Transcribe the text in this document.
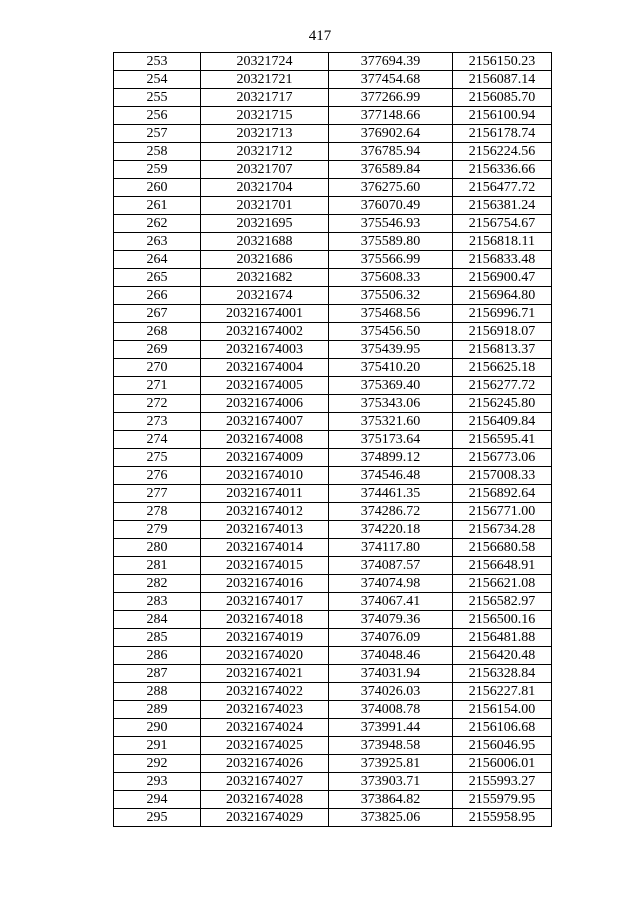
417
253	20321724	377694.39	2156150.23
254	20321721	377454.68	2156087.14
255	20321717	377266.99	2156085.70
256	20321715	377148.66	2156100.94
257	20321713	376902.64	2156178.74
258	20321712	376785.94	2156224.56
259	20321707	376589.84	2156336.66
260	20321704	376275.60	2156477.72
261	20321701	376070.49	2156381.24
262	20321695	375546.93	2156754.67
263	20321688	375589.80	2156818.11
264	20321686	375566.99	2156833.48
265	20321682	375608.33	2156900.47
266	20321674	375506.32	2156964.80
267	20321674001	375468.56	2156996.71
268	20321674002	375456.50	2156918.07
269	20321674003	375439.95	2156813.37
270	20321674004	375410.20	2156625.18
271	20321674005	375369.40	2156277.72
272	20321674006	375343.06	2156245.80
273	20321674007	375321.60	2156409.84
274	20321674008	375173.64	2156595.41
275	20321674009	374899.12	2156773.06
276	20321674010	374546.48	2157008.33
277	20321674011	374461.35	2156892.64
278	20321674012	374286.72	2156771.00
279	20321674013	374220.18	2156734.28
280	20321674014	374117.80	2156680.58
281	20321674015	374087.57	2156648.91
282	20321674016	374074.98	2156621.08
283	20321674017	374067.41	2156582.97
284	20321674018	374079.36	2156500.16
285	20321674019	374076.09	2156481.88
286	20321674020	374048.46	2156420.48
287	20321674021	374031.94	2156328.84
288	20321674022	374026.03	2156227.81
289	20321674023	374008.78	2156154.00
290	20321674024	373991.44	2156106.68
291	20321674025	373948.58	2156046.95
292	20321674026	373925.81	2156006.01
293	20321674027	373903.71	2155993.27
294	20321674028	373864.82	2155979.95
295	20321674029	373825.06	2155958.95
